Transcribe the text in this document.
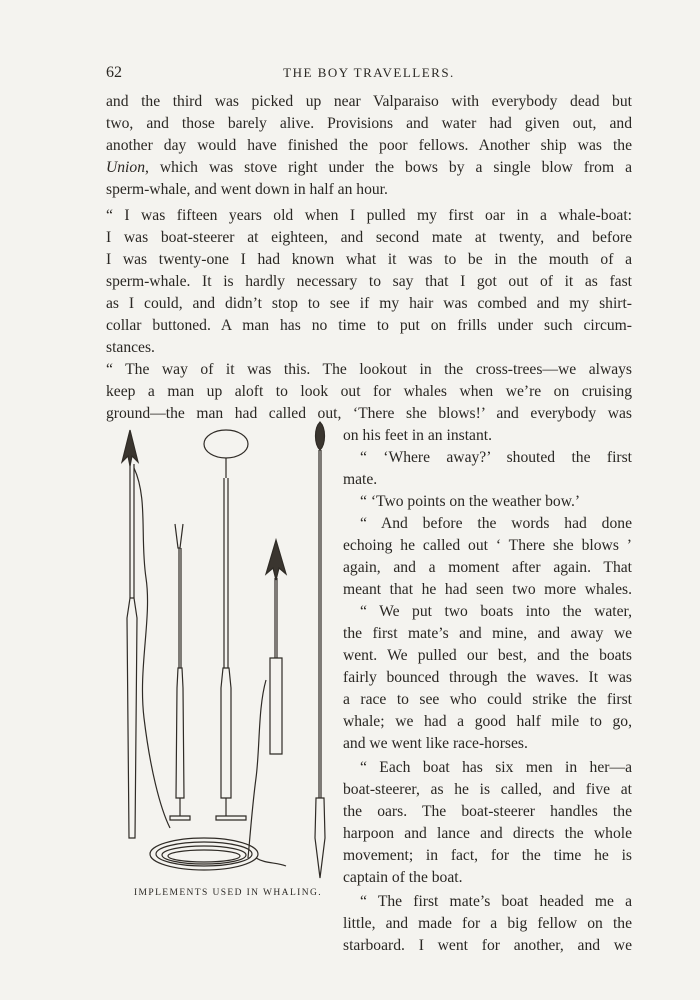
62	THE BOY TRAVELLERS.
and the third was picked up near Valparaiso with everybody dead but
two, and those barely alive. Provisions and water had given out, and
another day would have finished the poor fellows. Another ship was the
Union, which was stove right under the bows by a single blow from a
sperm-whale, and went down in half an hour.
“ I was fifteen years old when I pulled my first oar in a whale-boat:
I was boat-steerer at eighteen, and second mate at twenty, and before
I was twenty-one I had known what it was to be in the mouth of a
sperm-whale. It is hardly necessary to say that I got out of it as fast
as I could, and didn’t stop to see if my hair was combed and my shirt-
collar buttoned. A man has no time to put on frills under such circum-
stances.
“ The way of it was this. The lookout in the cross-trees—we always
keep a man up aloft to look out for whales when we’re on cruising
ground—the man had called out, ‘There she blows!’ and everybody was
on his feet in an instant.
“ ‘Where away?’ shouted the first
mate.
“ ‘Two points on the weather bow.’
“ And before the words had done
echoing he called out ‘ There she blows ’
again, and a moment after again. That
meant that he had seen two more whales.
“ We put two boats into the water,
the first mate’s and mine, and away we
went. We pulled our best, and the boats
fairly bounced through the waves. It was
a race to see who could strike the first
whale; we had a good half mile to go,
and we went like race-horses.
“ Each boat has six men in her—a
boat-steerer, as he is called, and five at
the oars. The boat-steerer handles the
harpoon and lance and directs the whole
movement; in fact, for the time he is
captain of the boat.
“ The first mate’s boat headed me a
little, and made for a big fellow on the
starboard. I went for another, and we
IMPLEMENTS USED IN WHALING.
